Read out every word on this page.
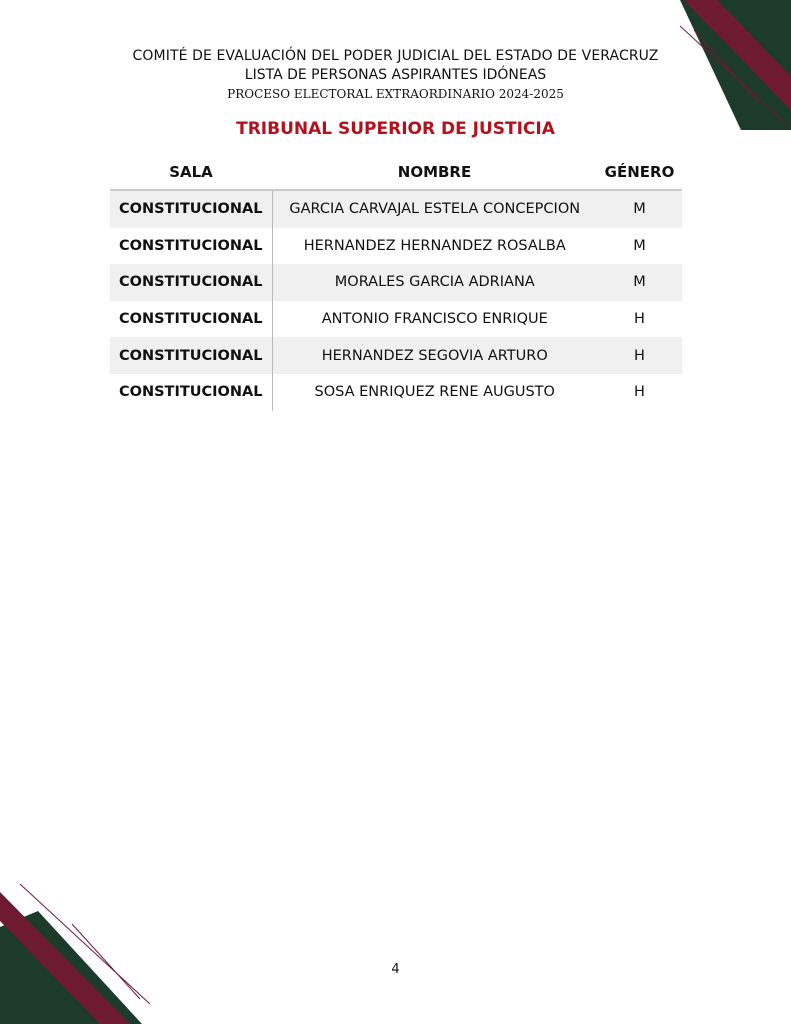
COMITÉ DE EVALUACIÓN DEL PODER JUDICIAL DEL ESTADO DE VERACRUZ
LISTA DE PERSONAS ASPIRANTES IDÓNEAS
PROCESO ELECTORAL EXTRAORDINARIO 2024-2025
TRIBUNAL SUPERIOR DE JUSTICIA
SALA	NOMBRE	GÉNERO
CONSTITUCIONAL	GARCIA CARVAJAL ESTELA CONCEPCION	M
CONSTITUCIONAL	HERNANDEZ HERNANDEZ ROSALBA	M
CONSTITUCIONAL	MORALES GARCIA ADRIANA	M
CONSTITUCIONAL	ANTONIO FRANCISCO ENRIQUE	H
CONSTITUCIONAL	HERNANDEZ SEGOVIA ARTURO	H
CONSTITUCIONAL	SOSA ENRIQUEZ RENE AUGUSTO	H
4
